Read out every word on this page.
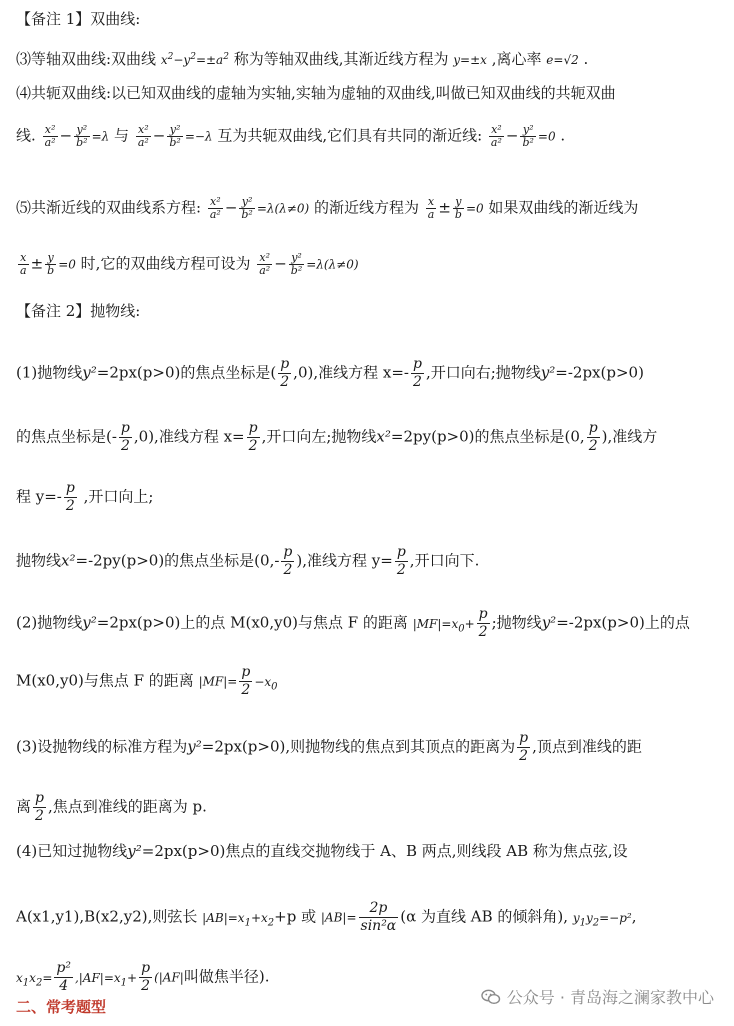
【备注 1】双曲线:
⑶等轴双曲线:双曲线 $x^2-y^2=\pm a^2$ 称为等轴双曲线,其渐近线方程为 y=±x ,离心率 e=√2 .
⑷共轭双曲线:以已知双曲线的虚轴为实轴,实轴为虚轴的双曲线,叫做已知双曲线的共轭双曲
线. $\frac{\text{x²}}{\text{a²}} - \frac{\text{y²}}{\text{b²}} =\lambda$ 与 $\frac{\text{x²}}{\text{a²}} - \frac{\text{y²}}{\text{b²}} =-\lambda$ 互为共轭双曲线,它们具有共同的渐近线: $\frac{\text{x²}}{\text{a²}} - \frac{\text{y²}}{\text{b²}} =0$ .
⑸共渐近线的双曲线系方程: $\frac{\text{x²}}{\text{a²}} - \frac{\text{y²}}{\text{b²}} =\lambda(\lambda\ne 0)$ 的渐近线方程为 $\frac{x}{a} \pm \frac{y}{b} =0$ 如果双曲线的渐近线为
$\frac{x}{a} \pm \frac{y}{b} =0$ 时,它的双曲线方程可设为 $\frac{\text{x²}}{\text{a²}} - \frac{\text{y²}}{\text{b²}} =\lambda(\lambda\ne 0)$
【备注 2】抛物线:
(1)抛物线y²=2px(p>0)的焦点坐标是( $\frac{p}{2} ,0$),准线方程 $x=- \frac{p}{2}$ ,开口向右;抛物线y²=-2px(p>0)
的焦点坐标是(- $\frac{p}{2} ,0$),准线方程 $x= \frac{p}{2}$ ,开口向左;抛物线x²=2py(p>0)的焦点坐标是(0, $\frac{p}{2}$ ),准线方
程 $y=- \frac{p}{2}$ ,开口向上;
抛物线x²=-2py(p>0)的焦点坐标是($0,- \frac{p}{2}$ ),准线方程 $y= \frac{p}{2}$ ,开口向下.
(2)抛物线y²=2px(p>0)上的点 M(x0,y0)与焦点 F 的距离 $|MF|=x_0+ \frac{p}{2}$ ;抛物线y²=-2px(p>0)上的点
M(x0,y0)与焦点 F 的距离 $|MF|= \frac{p}{2} -x_0$
(3)设抛物线的标准方程为y²=2px(p>0),则抛物线的焦点到其顶点的距离为 $\frac{p}{2}$ ,顶点到准线的距
离 $\frac{p}{2}$ ,焦点到准线的距离为 p.
(4)已知过抛物线y²=2px(p>0)焦点的直线交抛物线于 A、B 两点,则线段 AB 称为焦点弦,设
A(x1,y1),B(x2,y2),则弦长 $|AB|=x_1+x_2+p$ 或 $|AB|= \frac{2p}{\text{sin²α}} (\alpha$ 为直线 AB 的倾斜角), $y_1y_2=-p^2$,
$x_1x_2= \frac{\text{p²}}{4} ,|AF|=x_1+ \frac{p}{2} (|AF|$叫做焦半径).
二、常考题型	公众号 · 青岛海之澜家教中心
